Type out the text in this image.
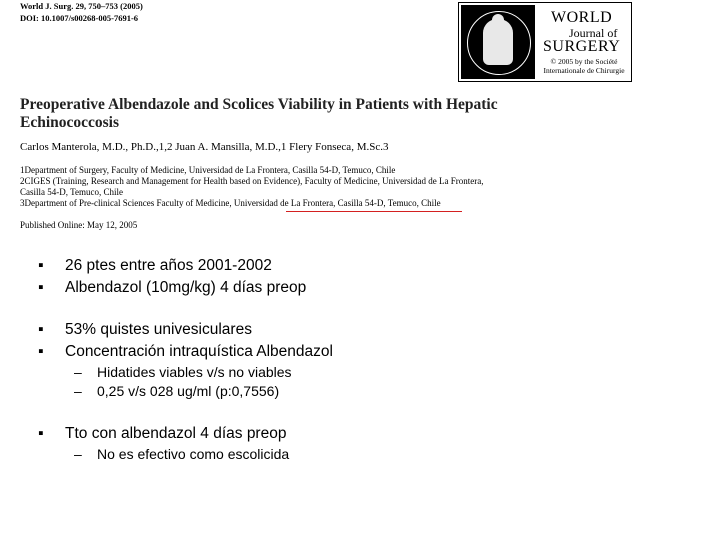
World J. Surg. 29, 750–753 (2005)
DOI: 10.1007/s00268-005-7691-6	WORLD
Journal of
SURGERY
© 2005 by the Société
Internationale de Chirurgie
Preoperative Albendazole and Scolices Viability in Patients with Hepatic
Echinococcosis
Carlos Manterola, M.D., Ph.D.,1,2 Juan A. Mansilla, M.D.,1 Flery Fonseca, M.Sc.3
1Department of Surgery, Faculty of Medicine, Universidad de La Frontera, Casilla 54-D, Temuco, Chile
2CIGES (Training, Research and Management for Health based on Evidence), Faculty of Medicine, Universidad de La Frontera,
Casilla 54-D, Temuco, Chile
3Department of Pre-clinical Sciences Faculty of Medicine, Universidad de La Frontera, Casilla 54-D, Temuco, Chile
Published Online: May 12, 2005
▪ 26 ptes entre años 2001-2002
▪ Albendazol (10mg/kg) 4 días preop
▪ 53% quistes univesiculares
▪ Concentración intraquística Albendazol
–	Hidatides viables v/s no viables
–	0,25 v/s 028 ug/ml (p:0,7556)
▪ Tto con albendazol 4 días preop
–	No es efectivo como escolicida
